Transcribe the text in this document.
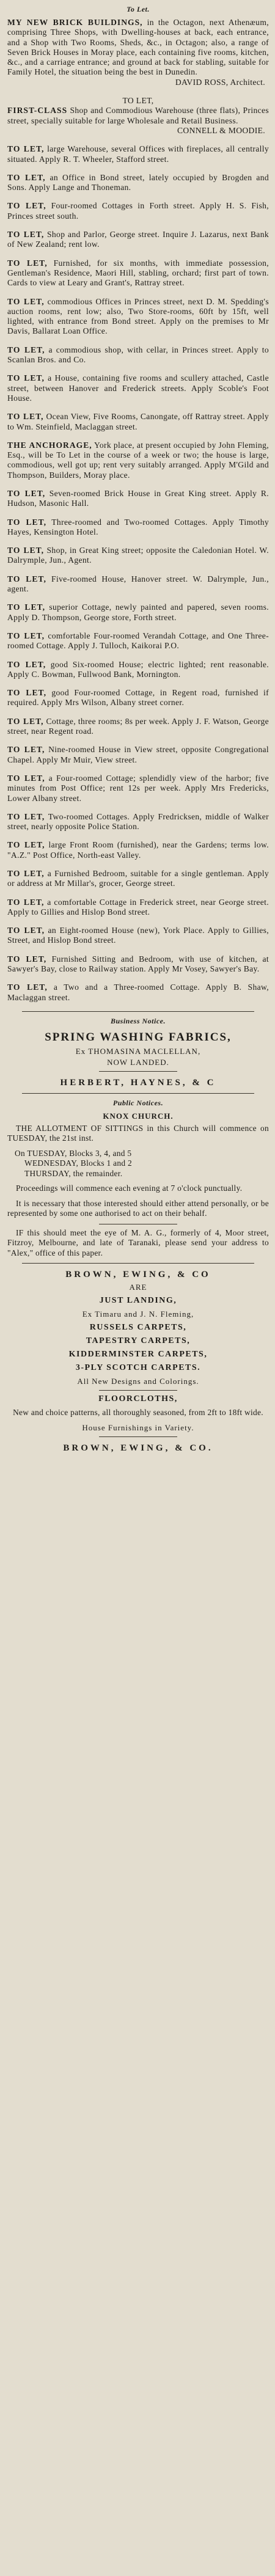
To Let.
MY NEW BRICK BUILDINGS, in the Octagon, next Athenæum, comprising Three Shops, with Dwelling-houses at back, each entrance, and a Shop with Two Rooms, Sheds, &c., in Octagon; also, a range of Seven Brick Houses in Moray place, each containing five rooms, kitchen, &c., and a carriage entrance; and ground at back for stabling, suitable for Family Hotel, the situation being the best in Dunedin.
DAVID ROSS, Architect.
TO LET,
FIRST-CLASS Shop and Commodious Warehouse (three flats), Princes street, specially suitable for large Wholesale and Retail Business.
CONNELL & MOODIE.
TO LET, large Warehouse, several Offices with fireplaces, all centrally situated. Apply R. T. Wheeler, Stafford street.
TO LET, an Office in Bond street, lately occupied by Brogden and Sons. Apply Lange and Thoneman.
TO LET, Four-roomed Cottages in Forth street. Apply H. S. Fish, Princes street south.
TO LET, Shop and Parlor, George street. Inquire J. Lazarus, next Bank of New Zealand; rent low.
TO LET, Furnished, for six months, with immediate possession, Gentleman's Residence, Maori Hill, stabling, orchard; first part of town. Cards to view at Leary and Grant's, Rattray street.
TO LET, commodious Offices in Princes street, next D. M. Spedding's auction rooms, rent low; also, Two Store-rooms, 60ft by 15ft, well lighted, with entrance from Bond street. Apply on the premises to Mr Davis, Ballarat Loan Office.
TO LET, a commodious shop, with cellar, in Princes street. Apply to Scanlan Bros. and Co.
TO LET, a House, containing five rooms and scullery attached, Castle street, between Hanover and Frederick streets. Apply Scoble's Foot House.
TO LET, Ocean View, Five Rooms, Canongate, off Rattray street. Apply to Wm. Steinfield, Maclaggan street.
THE ANCHORAGE, York place, at present occupied by John Fleming, Esq., will be To Let in the course of a week or two; the house is large, commodious, well got up; rent very suitably arranged. Apply M'Gild and Thompson, Builders, Moray place.
TO LET, Seven-roomed Brick House in Great King street. Apply R. Hudson, Masonic Hall.
TO LET, Three-roomed and Two-roomed Cottages. Apply Timothy Hayes, Kensington Hotel.
TO LET, Shop, in Great King street; opposite the Caledonian Hotel. W. Dalrymple, Jun., Agent.
TO LET, Five-roomed House, Hanover street. W. Dalrymple, Jun., agent.
TO LET, superior Cottage, newly painted and papered, seven rooms. Apply D. Thompson, George store, Forth street.
TO LET, comfortable Four-roomed Verandah Cottage, and One Three-roomed Cottage. Apply J. Tulloch, Kaikorai P.O.
TO LET, good Six-roomed House; electric lighted; rent reasonable. Apply C. Bowman, Fullwood Bank, Mornington.
TO LET, good Four-roomed Cottage, in Regent road, furnished if required. Apply Mrs Wilson, Albany street corner.
TO LET, Cottage, three rooms; 8s per week. Apply J. F. Watson, George street, near Regent road.
TO LET, Nine-roomed House in View street, opposite Congregational Chapel. Apply Mr Muir, View street.
TO LET, a Four-roomed Cottage; splendidly view of the harbor; five minutes from Post Office; rent 12s per week. Apply Mrs Fredericks, Lower Albany street.
TO LET, Two-roomed Cottages. Apply Fredricksen, middle of Walker street, nearly opposite Police Station.
TO LET, large Front Room (furnished), near the Gardens; terms low. "A.Z." Post Office, North-east Valley.
TO LET, a Furnished Bedroom, suitable for a single gentleman. Apply or address at Mr Millar's, grocer, George street.
TO LET, a comfortable Cottage in Frederick street, near George street. Apply to Gillies and Hislop Bond street.
TO LET, an Eight-roomed House (new), York Place. Apply to Gillies, Street, and Hislop Bond street.
TO LET, Furnished Sitting and Bedroom, with use of kitchen, at Sawyer's Bay, close to Railway station. Apply Mr Vosey, Sawyer's Bay.
TO LET, a Two and a Three-roomed Cottage. Apply B. Shaw, Maclaggan street.
Business Notice.
SPRING WASHING FABRICS,
Ex THOMASINA MACLELLAN,
NOW LANDED.
HERBERT, HAYNES, & C
Public Notices.
KNOX CHURCH.
THE ALLOTMENT OF SITTINGS in this Church will commence on TUESDAY, the 21st inst.
On TUESDAY, Blocks 3, 4, and 5
WEDNESDAY, Blocks 1 and 2
THURSDAY, the remainder.
Proceedings will commence each evening at 7 o'clock punctually.
It is necessary that those interested should either attend personally, or be represented by some one authorised to act on their behalf.
IF this should meet the eye of M. A. G., formerly of 4, Moor street, Fitzroy, Melbourne, and late of Taranaki, please send your address to "Alex," office of this paper.
BROWN, EWING, & CO
ARE
JUST LANDING,
Ex Timaru and J. N. Fleming,
RUSSELS CARPETS,
TAPESTRY CARPETS,
KIDDERMINSTER CARPETS,
3-PLY SCOTCH CARPETS.
All New Designs and Colorings.
FLOORCLOTHS,
New and choice patterns, all thoroughly seasoned, from 2ft to 18ft wide.
House Furnishings in Variety.
BROWN, EWING, & CO.
